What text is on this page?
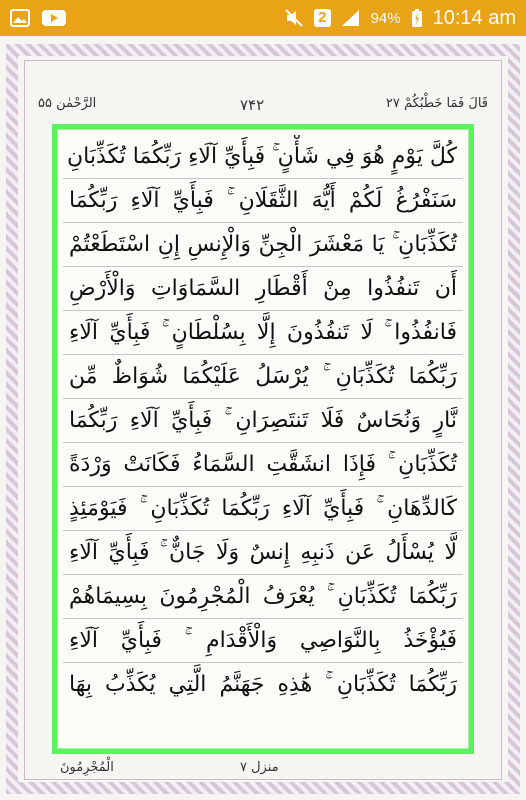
2	94% 10:14 am
الرَّحْمٰن ۵۵	۷۴۲	قَالَ فَمَا خَطْبُكُمْ ۲۷
كُلَّ يَوْمٍ هُوَ فِي شَأْنٍ ۚ فَبِأَيِّ آلَاءِ رَبِّكُمَا تُكَذِّبَانِ
سَنَفْرُغُ لَكُمْ أَيُّهَ الثَّقَلَانِ ۚ فَبِأَيِّ آلَاءِ رَبِّكُمَا
تُكَذِّبَانِ ۚ يَا مَعْشَرَ الْجِنِّ وَالْإِنسِ إِنِ اسْتَطَعْتُمْ
أَن تَنفُذُوا مِنْ أَقْطَارِ السَّمَاوَاتِ وَالْأَرْضِ
فَانفُذُوا ۚ لَا تَنفُذُونَ إِلَّا بِسُلْطَانٍ ۚ فَبِأَيِّ آلَاءِ
رَبِّكُمَا تُكَذِّبَانِ ۚ يُرْسَلُ عَلَيْكُمَا شُوَاظٌ مِّن
نَّارٍ وَنُحَاسٌ فَلَا تَنتَصِرَانِ ۚ فَبِأَيِّ آلَاءِ رَبِّكُمَا
تُكَذِّبَانِ ۚ فَإِذَا انشَقَّتِ السَّمَاءُ فَكَانَتْ وَرْدَةً
كَالدِّهَانِ ۚ فَبِأَيِّ آلَاءِ رَبِّكُمَا تُكَذِّبَانِ ۚ فَيَوْمَئِذٍ
لَّا يُسْأَلُ عَن ذَنبِهِ إِنسٌ وَلَا جَانٌّ ۚ فَبِأَيِّ آلَاءِ
رَبِّكُمَا تُكَذِّبَانِ ۚ يُعْرَفُ الْمُجْرِمُونَ بِسِيمَاهُمْ
فَيُؤْخَذُ بِالنَّوَاصِي وَالْأَقْدَامِ ۚ فَبِأَيِّ آلَاءِ
رَبِّكُمَا تُكَذِّبَانِ ۚ هَٰذِهِ جَهَنَّمُ الَّتِي يُكَذِّبُ بِهَا
الْمُجْرِمُونَ	منزل ۷
